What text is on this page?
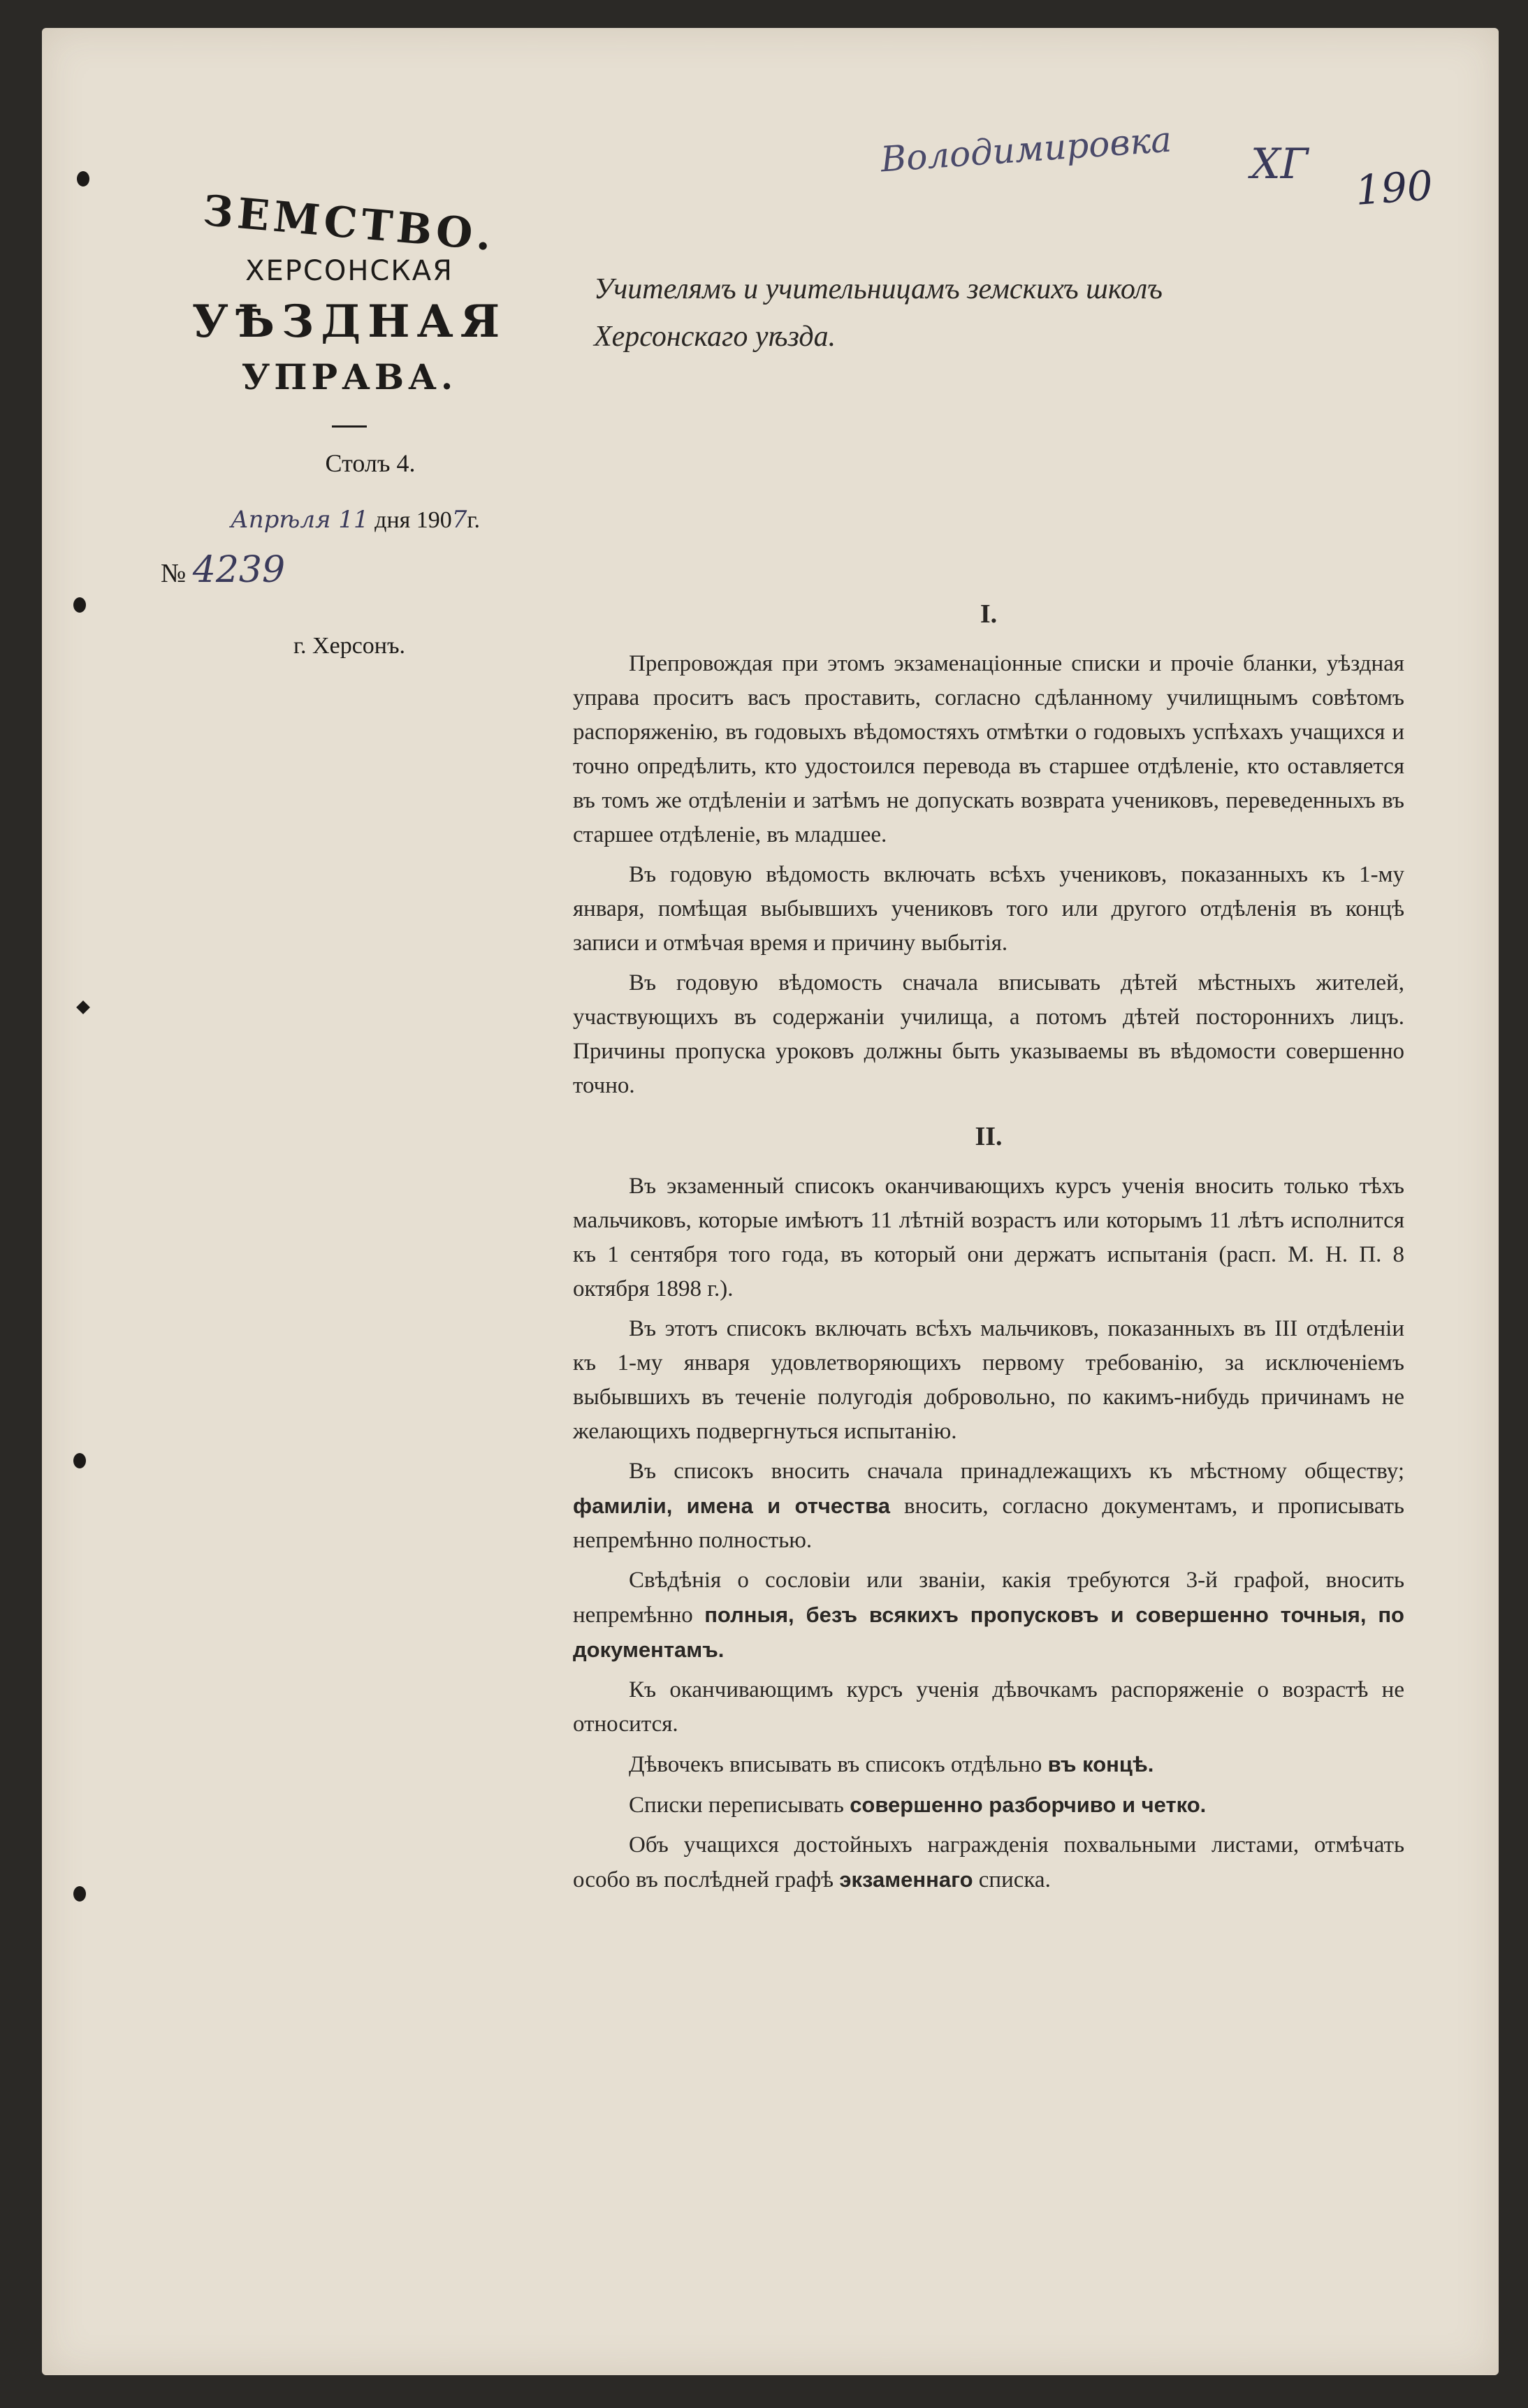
Володимировка ХГ 190
ЗЕМСТВО.
ХЕРСОНСКАЯ
УѢЗДНАЯ
УПРАВА.
Столъ 4.
Апрѣля 11 дня 1907г.
№ 4239
г. Херсонъ.
Учителямъ и учительницамъ земскихъ школъ
Херсонскаго уѣзда.
I.

Препровождая при этомъ экзаменаціонные списки и прочіе бланки, уѣздная управа проситъ васъ проставить, согласно сдѣланному училищнымъ совѣтомъ распоряженію, въ годовыхъ вѣдомостяхъ отмѣтки о годовыхъ успѣхахъ учащихся и точно опредѣлить, кто удостоился перевода въ старшее отдѣленіе, кто оставляется въ томъ же отдѣленіи и затѣмъ не допускать возврата учениковъ, переведенныхъ въ старшее отдѣленіе, въ младшее.

Въ годовую вѣдомость включать всѣхъ учениковъ, показанныхъ къ 1-му января, помѣщая выбывшихъ учениковъ того или другого отдѣленія въ концѣ записи и отмѣчая время и причину выбытія.

Въ годовую вѣдомость сначала вписывать дѣтей мѣстныхъ жителей, участвующихъ въ содержаніи училища, а потомъ дѣтей постороннихъ лицъ. Причины пропуска уроковъ должны быть указываемы въ вѣдомости совершенно точно.

II.

Въ экзаменный списокъ оканчивающихъ курсъ ученія вносить только тѣхъ мальчиковъ, которые имѣютъ 11 лѣтній возрастъ или которымъ 11 лѣтъ исполнится къ 1 сентября того года, въ который они держатъ испытанія (расп. М. Н. П. 8 октября 1898 г.).

Въ этотъ списокъ включать всѣхъ мальчиковъ, показанныхъ въ III отдѣленіи къ 1-му января удовлетворяющихъ первому требованію, за исключеніемъ выбывшихъ въ теченіе полугодія добровольно, по какимъ-нибудь причинамъ не желающихъ подвергнуться испытанію.

Въ списокъ вносить сначала принадлежащихъ къ мѣстному обществу; фамиліи, имена и отчества вносить, согласно документамъ, и прописывать непремѣнно полностью.

Свѣдѣнія о сословіи или званіи, какія требуются 3-й графой, вносить непремѣнно полныя, безъ всякихъ пропусковъ и совершенно точныя, по документамъ.

Къ оканчивающимъ курсъ ученія дѣвочкамъ распоряженіе о возрастѣ не относится.

Дѣвочекъ вписывать въ списокъ отдѣльно въ концѣ.

Списки переписывать совершенно разборчиво и четко.

Объ учащихся достойныхъ награжденія похвальными листами, отмѣчать особо въ послѣдней графѣ экзаменнаго списка.
